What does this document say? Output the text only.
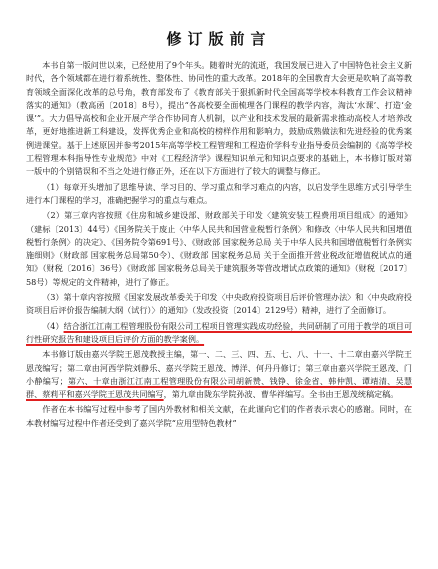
修订版前言

本书自第一版问世以来，已经使用了9个年头。随着时光的流逝，我国发展已进入了中国特色社会主义新时代，各个领域都在进行着系统性、整体性、协同性的重大改革。2018年的全国教育大会更是吹响了高等教育领域全面深化改革的总号角，教育部发布了《教育部关于狠抓新时代全国高等学校本科教育工作会议精神落实的通知》（教高函〔2018〕8号），提出“各高校要全面梳理各门课程的教学内容，淘汰‘水课’、打造‘金课’”。大力倡导高校和企业开展产学合作协同育人机制，以产业和技术发展的最新需求推动高校人才培养改革，更好地推进新工科建设，发挥优秀企业和高校的榜样作用和影响力，鼓励成熟做法和先进经验的优秀案例进课堂。基于上述原因并参考2015年高等学校工程管理和工程造价学科专业指导委员会编制的《高等学校工程管理本科指导性专业规范》中对《工程经济学》课程知识单元和知识点要求的基础上，本书修订版对第一版中的个别错误和不当之处进行修正外，还在以下方面进行了较大的调整与修正。

（1）每章开头增加了思维导读、学习目的、学习重点和学习难点的内容，以启发学生思维方式引导学生进行本门课程的学习，准确把握学习的重点与难点。

（2）第三章内容按照《住房和城乡建设部、财政部关于印发〈建筑安装工程费用项目组成〉的通知》（建标〔2013〕44号）《国务院关于废止〈中华人民共和国营业税暂行条例〉和修改〈中华人民共和国增值税暂行条例〉的决定》、《国务院令第691号》、《财政部 国家税务总局 关于中华人民共和国增值税暂行条例实施细则》（财政部 国家税务总局第50令）、《财政部 国家税务总局 关于全面推开营业税改征增值税试点的通知》（财税〔2016〕36号）《财政部 国家税务总局关于建筑服务等营改增试点政策的通知》（财税〔2017〕58号）等规定的文件精神，进行了修正。

（3）第十章内容按照《国家发展改革委关于印发〈中央政府投资项目后评价管理办法〉和〈中央政府投资项目后评价报告编制大纲（试行）〉的通知》（发改投资〔2014〕2129号）精神，进行了全面修订。

（4）结合浙江江南工程管理股份有限公司工程项目管理实践成功经验，共同研制了可用于教学的项目可行性研究报告和建设项目后评价方面的教学案例。

本书修订版由嘉兴学院王恩茂教授主编，第一、二、三、四、五、七、八、十一、十二章由嘉兴学院王恩茂编写；第二章由河西学院刘静乐、嘉兴学院王恩茂、博洋、何丹丹修订；第三章由嘉兴学院王恩茂、门小静编写；第六、十章由浙江江南工程管理股份有限公司胡新赞、钱铮、徐金省、韩仲凯、谭靖清、吴慧群、蔡莉平和嘉兴学院王恩茂共同编写，第九章由陇东学院孙波、曹华祥编写。全书由王恩茂统稿定稿。

作者在本书编写过程中参考了国内外教材和相关文献，在此谨向它们的作者表示衷心的感谢。同时，在本教材编写过程中作者还受到了嘉兴学院“应用型特色教材”
